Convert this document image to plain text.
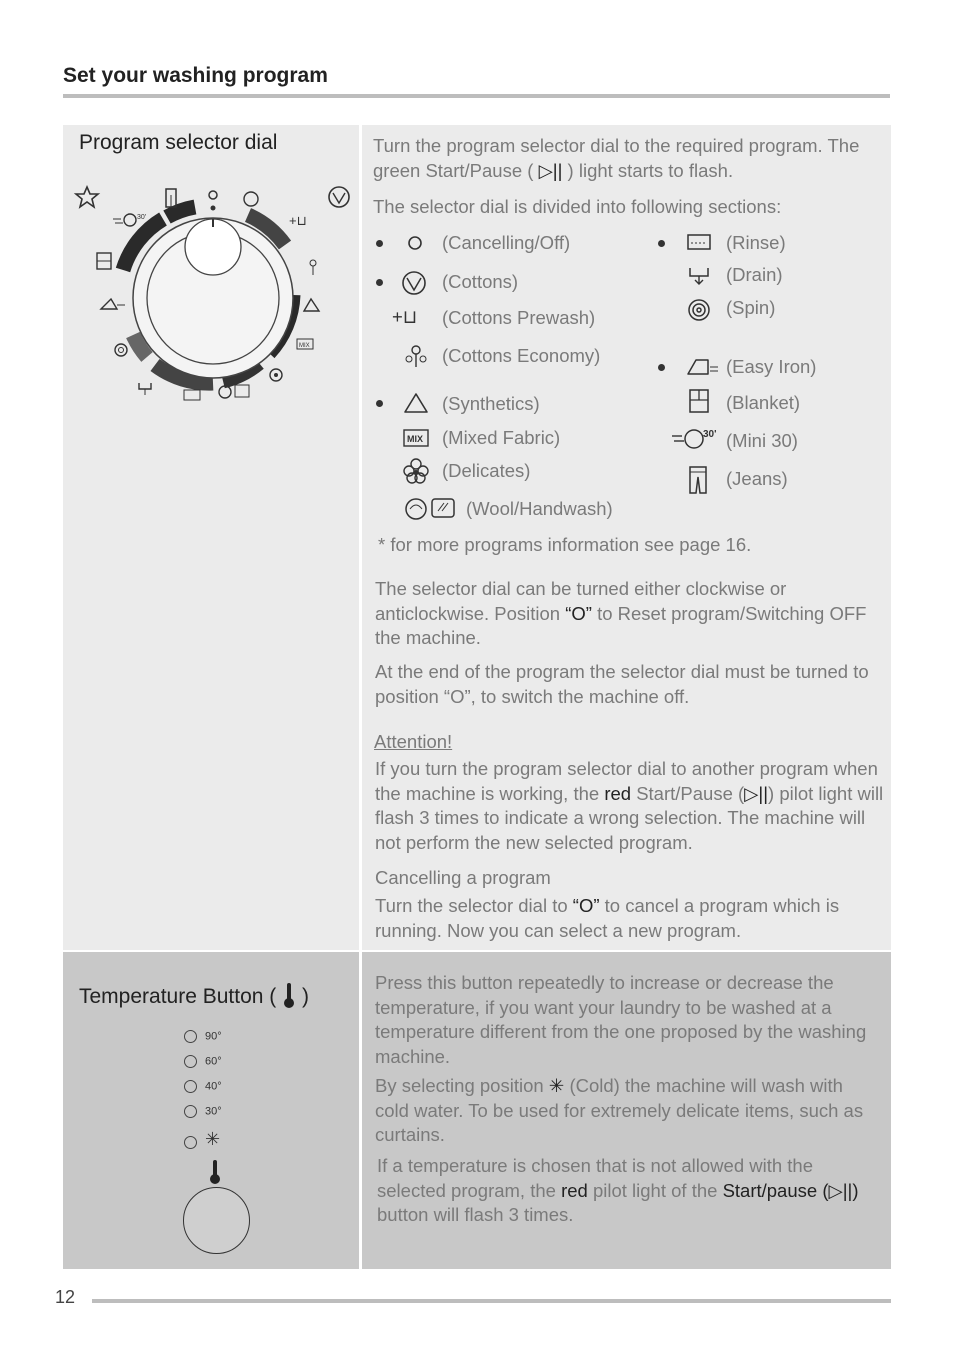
Set your washing program
Program selector dial
30'	+⊔
MIX

Turn the program selector dial to the required program. The green Start/Pause ( ▷|| ) light starts to flash.

The selector dial is divided into following sections:

(Cancelling/Off)
(Cottons)
+⊔ (Cottons Prewash)
(Cottons Economy)
(Synthetics)
MIX (Mixed Fabric)
(Delicates)
(Wool/Handwash)
(Rinse)
(Drain)
(Spin)
(Easy Iron)
(Blanket)
30' (Mini 30)
(Jeans)

* for more programs information see page 16.

The selector dial can be turned either clockwise or anticlockwise. Position “O” to Reset program/Switching OFF the machine.

At the end of the program the selector dial must be turned to position “O”, to switch the machine off.

Attention!

If you turn the program selector dial to another program when the machine is working, the red Start/Pause (▷||) pilot light will flash 3 times to indicate a wrong selection. The machine will not perform the new selected program.

Cancelling a program

Turn the selector dial to “O” to cancel a program which is running. Now you can select a new program.

Temperature Button ( )
90°
60°
40°
30°
✳

Press this button repeatedly to increase or decrease the temperature, if you want your laundry to be washed at a temperature different from the one proposed by the washing machine.

By selecting position ✳ (Cold) the machine will wash with cold water. To be used for extremely delicate items, such as curtains.

If a temperature is chosen that is not allowed with the selected program, the red pilot light of the Start/pause (▷||) button will flash 3 times.

12
